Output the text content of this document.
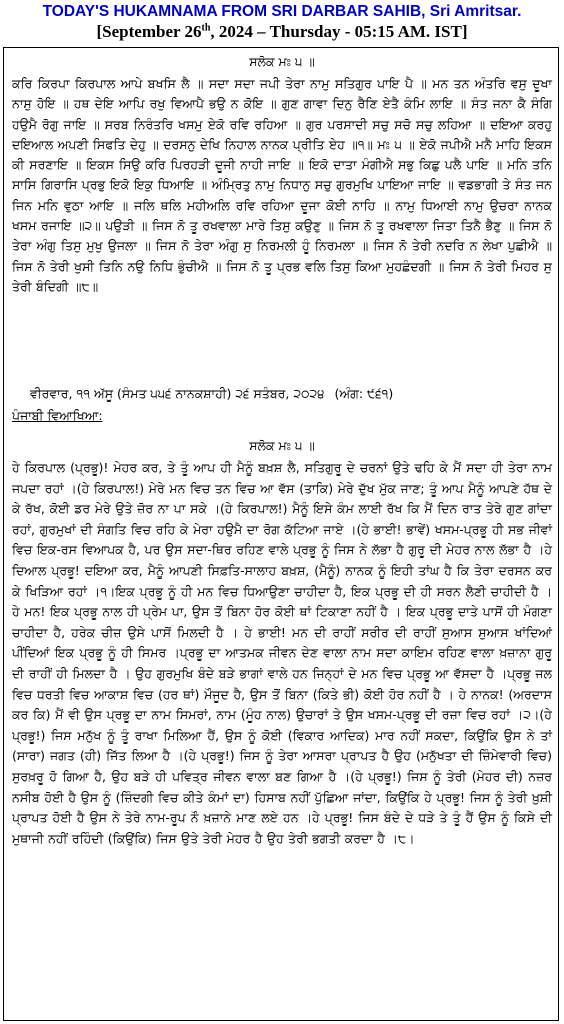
TODAY'S HUKAMNAMA FROM SRI DARBAR SAHIB, Sri Amritsar.
[September 26th, 2024 – Thursday - 05:15 AM. IST]
ਸਲੋਕ ਮਃ ੫ ॥
ਕਰਿ ਕਿਰਪਾ ਕਿਰਪਾਲ ਆਪੇ ਬਖਸਿ ਲੈ ॥ ਸਦਾ ਸਦਾ ਜਪੀ ਤੇਰਾ ਨਾਮੁ ਸਤਿਗੁਰ ਪਾਇ ਪੈ ॥ ਮਨ ਤਨ ਅੰਤਰਿ ਵਸੁ ਦੂਖਾ ਨਾਸੁ ਹੋਇ ॥ ਹਥ ਦੇਇ ਆਪਿ ਰਖੁ ਵਿਆਪੈ ਭਉ ਨ ਕੋਇ ॥ ਗੁਣ ਗਾਵਾ ਦਿਨੁ ਰੈਣਿ ਏਤੈ ਕੰਮਿ ਲਾਇ ॥ ਸੰਤ ਜਨਾ ਕੈ ਸੰਗਿ ਹਉਮੈ ਰੋਗੁ ਜਾਇ ॥ ਸਰਬ ਨਿਰੰਤਰਿ ਖਸਮੁ ਏਕੋ ਰਵਿ ਰਹਿਆ ॥ ਗੁਰ ਪਰਸਾਦੀ ਸਚੁ ਸਚੋ ਸਚੁ ਲਹਿਆ ॥ ਦਇਆ ਕਰਹੁ ਦਇਆਲ ਅਪਣੀ ਸਿਫਤਿ ਦੇਹੁ ॥ ਦਰਸਨੁ ਦੇਖਿ ਨਿਹਾਲ ਨਾਨਕ ਪ੍ਰੀਤਿ ਏਹ ॥੧॥ ਮਃ ੫ ॥ ਏਕੋ ਜਪੀਐ ਮਨੈ ਮਾਹਿ ਇਕਸ ਕੀ ਸਰਣਾਇ ॥ ਇਕਸ ਸਿਉ ਕਰਿ ਪਿਰਹੜੀ ਦੂਜੀ ਨਾਹੀ ਜਾਇ ॥ ਇਕੋ ਦਾਤਾ ਮੰਗੀਐ ਸਭੁ ਕਿਛੁ ਪਲੈ ਪਾਇ ॥ ਮਨਿ ਤਨਿ ਸਾਸਿ ਗਿਰਾਸਿ ਪ੍ਰਭੁ ਇਕੋ ਇਕੁ ਧਿਆਇ ॥ ਅੰਮ੍ਰਿਤੁ ਨਾਮੁ ਨਿਧਾਨੁ ਸਚੁ ਗੁਰਮੁਖਿ ਪਾਇਆ ਜਾਇ ॥ ਵਡਭਾਗੀ ਤੇ ਸੰਤ ਜਨ ਜਿਨ ਮਨਿ ਵੁਠਾ ਆਇ ॥ ਜਲਿ ਥਲਿ ਮਹੀਅਲਿ ਰਵਿ ਰਹਿਆ ਦੂਜਾ ਕੋਈ ਨਾਹਿ ॥ ਨਾਮੁ ਧਿਆਈ ਨਾਮੁ ਉਚਰਾ ਨਾਨਕ ਖਸਮ ਰਜਾਇ ॥੨॥ ਪਉੜੀ ॥ ਜਿਸ ਨੋ ਤੂ ਰਖਵਾਲਾ ਮਾਰੇ ਤਿਸੁ ਕਉਣੁ ॥ ਜਿਸ ਨੋ ਤੂ ਰਖਵਾਲਾ ਜਿਤਾ ਤਿਨੈ ਭੈਣੁ ॥ ਜਿਸ ਨੋ ਤੇਰਾ ਅੰਗੁ ਤਿਸੁ ਮੁਖੁ ਉਜਲਾ ॥ ਜਿਸ ਨੋ ਤੇਰਾ ਅੰਗੁ ਸੁ ਨਿਰਮਲੀ ਹੂੰ ਨਿਰਮਲਾ ॥ ਜਿਸ ਨੋ ਤੇਰੀ ਨਦਰਿ ਨ ਲੇਖਾ ਪੁਛੀਐ ॥ ਜਿਸ ਨੋ ਤੇਰੀ ਖੁਸੀ ਤਿਨਿ ਨਉ ਨਿਧਿ ਭੁੰਚੀਐ ॥ ਜਿਸ ਨੋ ਤੂ ਪ੍ਰਭ ਵਲਿ ਤਿਸੁ ਕਿਆ ਮੁਹਛੰਦਗੀ ॥ ਜਿਸ ਨੋ ਤੇਰੀ ਮਿਹਰ ਸੁ ਤੇਰੀ ਬੰਦਿਗੀ ॥੮॥
ਵੀਰਵਾਰ, ੧੧ ਅੱਸੂ (ਸੰਮਤ ੫੫੬ ਨਾਨਕਸ਼ਾਹੀ) ੨੬ ਸਤੰਬਰ, ੨੦੨੪ (ਅੰਗ: ੯੬੧)
ਪੰਜਾਬੀ ਵਿਆਖਿਆ:
ਸਲੋਕ ਮਃ ੫ ॥
ਹੇ ਕਿਰਪਾਲ (ਪ੍ਰਭੂ)! ਮੇਹਰ ਕਰ, ਤੇ ਤੂੰ ਆਪ ਹੀ ਮੈਨੂੰ ਬਖ਼ਸ਼ ਲੈ, ਸਤਿਗੁਰੂ ਦੇ ਚਰਨਾਂ ਉਤੇ ਢਹਿ ਕੇ ਮੈਂ ਸਦਾ ਹੀ ਤੇਰਾ ਨਾਮ ਜਪਦਾ ਰਹਾਂ ।(ਹੇ ਕਿਰਪਾਲ!) ਮੇਰੇ ਮਨ ਵਿਚ ਤਨ ਵਿਚ ਆ ਵੱਸ (ਤਾਕਿ) ਮੇਰੇ ਦੁੱਖ ਮੁੱਕ ਜਾਣ; ਤੂੰ ਆਪ ਮੈਨੂੰ ਆਪਣੇ ਹੱਥ ਦੇ ਕੇ ਰੱਖ, ਕੋਈ ਡਰ ਮੇਰੇ ਉਤੇ ਜ਼ੋਰ ਨਾ ਪਾ ਸਕੇ ।(ਹੇ ਕਿਰਪਾਲ!) ਮੈਨੂੰ ਇਸੇ ਕੰਮ ਲਾਈ ਰੱਖ ਕਿ ਮੈਂ ਦਿਨ ਰਾਤ ਤੇਰੇ ਗੁਣ ਗਾਂਦਾ ਰਹਾਂ, ਗੁਰਮੁਖਾਂ ਦੀ ਸੰਗਤਿ ਵਿਚ ਰਹਿ ਕੇ ਮੇਰਾ ਹਉਮੈ ਦਾ ਰੋਗ ਕੱਟਿਆ ਜਾਏ ।(ਹੇ ਭਾਈ! ਭਾਵੇਂ) ਖਸਮ-ਪ੍ਰਭੂ ਹੀ ਸਭ ਜੀਵਾਂ ਵਿਚ ਇਕ-ਰਸ ਵਿਆਪਕ ਹੈ, ਪਰ ਉਸ ਸਦਾ-ਥਿਰ ਰਹਿਣ ਵਾਲੇ ਪ੍ਰਭੂ ਨੂੰ ਜਿਸ ਨੇ ਲੱਭਾ ਹੈ ਗੁਰੂ ਦੀ ਮੇਹਰ ਨਾਲ ਲੱਭਾ ਹੈ ।ਹੇ ਦਿਆਲ ਪ੍ਰਭੂ! ਦਇਆ ਕਰ, ਮੈਨੂੰ ਆਪਣੀ ਸਿਫ਼ਤਿ-ਸਾਲਾਹ ਬਖ਼ਸ਼, (ਮੈਨੂੰ) ਨਾਨਕ ਨੂੰ ਇਹੀ ਤਾਂਘ ਹੈ ਕਿ ਤੇਰਾ ਦਰਸਨ ਕਰ ਕੇ ਖਿੜਿਆ ਰਹਾਂ ।੧।ਇਕ ਪ੍ਰਭੂ ਨੂੰ ਹੀ ਮਨ ਵਿਚ ਧਿਆਉਣਾ ਚਾਹੀਦਾ ਹੈ, ਇਕ ਪ੍ਰਭੂ ਦੀ ਹੀ ਸਰਨ ਲੈਣੀ ਚਾਹੀਦੀ ਹੈ । ਹੇ ਮਨ! ਇਕ ਪ੍ਰਭੂ ਨਾਲ ਹੀ ਪ੍ਰੇਮ ਪਾ, ਉਸ ਤੋਂ ਬਿਨਾ ਹੋਰ ਕੋਈ ਥਾਂ ਟਿਕਾਣਾ ਨਹੀਂ ਹੈ । ਇਕ ਪ੍ਰਭੂ ਦਾਤੇ ਪਾਸੋਂ ਹੀ ਮੰਗਣਾ ਚਾਹੀਦਾ ਹੈ, ਹਰੇਕ ਚੀਜ਼ ਉਸੇ ਪਾਸੋਂ ਮਿਲਦੀ ਹੈ । ਹੇ ਭਾਈ! ਮਨ ਦੀ ਰਾਹੀਂ ਸਰੀਰ ਦੀ ਰਾਹੀਂ ਸੁਆਸ ਸੁਆਸ ਖਾਂਦਿਆਂ ਪੀਂਦਿਆਂ ਇਕ ਪ੍ਰਭੂ ਨੂੰ ਹੀ ਸਿਮਰ ।ਪ੍ਰਭੂ ਦਾ ਆਤਮਕ ਜੀਵਨ ਦੇਣ ਵਾਲਾ ਨਾਮ ਸਦਾ ਕਾਇਮ ਰਹਿਣ ਵਾਲਾ ਖ਼ਜ਼ਾਨਾ ਗੁਰੂ ਦੀ ਰਾਹੀਂ ਹੀ ਮਿਲਦਾ ਹੈ । ਉਹ ਗੁਰਮੁਖਿ ਬੰਦੇ ਬੜੇ ਭਾਗਾਂ ਵਾਲੇ ਹਨ ਜਿਨ੍ਹਾਂ ਦੇ ਮਨ ਵਿਚ ਪ੍ਰਭੂ ਆ ਵੱਸਦਾ ਹੈ ।ਪ੍ਰਭੂ ਜਲ ਵਿਚ ਧਰਤੀ ਵਿਚ ਆਕਾਸ਼ ਵਿਚ (ਹਰ ਥਾਂ) ਮੌਜੂਦ ਹੈ, ਉਸ ਤੋਂ ਬਿਨਾ (ਕਿਤੇ ਭੀ) ਕੋਈ ਹੋਰ ਨਹੀਂ ਹੈ । ਹੇ ਨਾਨਕ! (ਅਰਦਾਸ ਕਰ ਕਿ) ਮੈਂ ਵੀ ਉਸ ਪ੍ਰਭੂ ਦਾ ਨਾਮ ਸਿਮਰਾਂ, ਨਾਮ (ਮੂੰਹ ਨਾਲ) ਉਚਾਰਾਂ ਤੇ ਉਸ ਖਸਮ-ਪ੍ਰਭੂ ਦੀ ਰਜ਼ਾ ਵਿਚ ਰਹਾਂ ।੨।(ਹੇ ਪ੍ਰਭੂ!) ਜਿਸ ਮਨੁੱਖ ਨੂੰ ਤੂੰ ਰਾਖਾ ਮਿਲਿਆ ਹੈਂ, ਉਸ ਨੂੰ ਕੋਈ (ਵਿਕਾਰ ਆਦਿਕ) ਮਾਰ ਨਹੀਂ ਸਕਦਾ, ਕਿਉਂਕਿ ਉਸ ਨੇ ਤਾਂ (ਸਾਰਾ) ਜਗਤ (ਹੀ) ਜਿੱਤ ਲਿਆ ਹੈ ।(ਹੇ ਪ੍ਰਭੂ!) ਜਿਸ ਨੂੰ ਤੇਰਾ ਆਸਰਾ ਪ੍ਰਾਪਤ ਹੈ ਉਹ (ਮਨੁੱਖਤਾ ਦੀ ਜ਼ਿੰਮੇਵਾਰੀ ਵਿਚ) ਸੁਰਖ਼ਰੂ ਹੋ ਗਿਆ ਹੈ, ਉਹ ਬੜੇ ਹੀ ਪਵਿਤ੍ਰ ਜੀਵਨ ਵਾਲਾ ਬਣ ਗਿਆ ਹੈ ।(ਹੇ ਪ੍ਰਭੂ!) ਜਿਸ ਨੂੰ ਤੇਰੀ (ਮੇਹਰ ਦੀ) ਨਜ਼ਰ ਨਸੀਬ ਹੋਈ ਹੈ ਉਸ ਨੂੰ (ਜ਼ਿੰਦਗੀ ਵਿਚ ਕੀਤੇ ਕੰਮਾਂ ਦਾ) ਹਿਸਾਬ ਨਹੀਂ ਪੁੱਛਿਆ ਜਾਂਦਾ, ਕਿਉਂਕਿ ਹੇ ਪ੍ਰਭੂ! ਜਿਸ ਨੂੰ ਤੇਰੀ ਖ਼ੁਸ਼ੀ ਪ੍ਰਾਪਤ ਹੋਈ ਹੈ ਉਸ ਨੇ ਤੇਰੇ ਨਾਮ-ਰੂਪ ਨੌ ਖ਼ਜ਼ਾਨੇ ਮਾਣ ਲਏ ਹਨ ।ਹੇ ਪ੍ਰਭੂ! ਜਿਸ ਬੰਦੇ ਦੇ ਧੜੇ ਤੇ ਤੂੰ ਹੈਂ ਉਸ ਨੂੰ ਕਿਸੇ ਦੀ ਮੁਥਾਜੀ ਨਹੀਂ ਰਹਿੰਦੀ (ਕਿਉਂਕਿ) ਜਿਸ ਉਤੇ ਤੇਰੀ ਮੇਹਰ ਹੈ ਉਹ ਤੇਰੀ ਭਗਤੀ ਕਰਦਾ ਹੈ ।੮।
